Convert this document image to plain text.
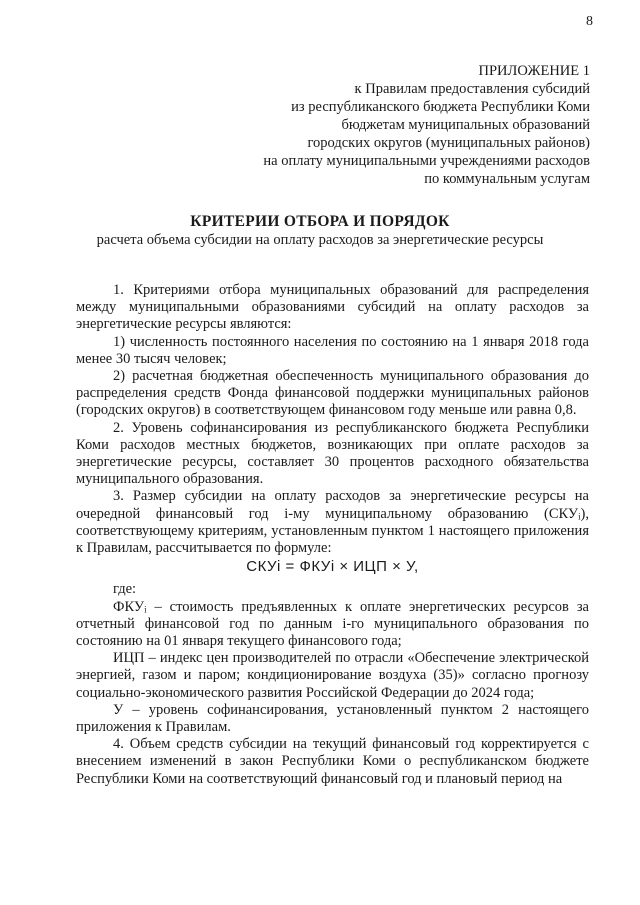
8
ПРИЛОЖЕНИЕ 1
к Правилам предоставления субсидий
из республиканского бюджета Республики Коми
бюджетам муниципальных образований
городских округов (муниципальных районов)
на оплату муниципальными учреждениями расходов
по коммунальным услугам
КРИТЕРИИ ОТБОРА И ПОРЯДОК
расчета объема субсидии на оплату расходов за энергетические ресурсы

1. Критериями отбора муниципальных образований для распределения между муниципальными образованиями субсидий на оплату расходов за энергетические ресурсы являются:

1) численность постоянного населения по состоянию на 1 января 2018 года менее 30 тысяч человек;

2) расчетная бюджетная обеспеченность муниципального образования до распределения средств Фонда финансовой поддержки муниципальных районов (городских округов) в соответствующем финансовом году меньше или равна 0,8.

2. Уровень софинансирования из республиканского бюджета Республики Коми расходов местных бюджетов, возникающих при оплате расходов за энергетические ресурсы, составляет 30 процентов расходного обязательства муниципального образования.

3. Размер субсидии на оплату расходов за энергетические ресурсы на очередной финансовый год i-му муниципальному образованию (СКУᵢ), соответствующему критериям, установленным пунктом 1 настоящего приложения к Правилам, рассчитывается по формуле:

СКУi = ФКУi × ИЦП × У,

где:

ФКУᵢ – стоимость предъявленных к оплате энергетических ресурсов за отчетный финансовой год по данным i-го муниципального образования по состоянию на 01 января текущего финансового года;

ИЦП – индекс цен производителей по отрасли «Обеспечение электрической энергией, газом и паром; кондиционирование воздуха (35)» согласно прогнозу социально-экономического развития Российской Федерации до 2024 года;

У – уровень софинансирования, установленный пунктом 2 настоящего приложения к Правилам.

4. Объем средств субсидии на текущий финансовый год корректируется с внесением изменений в закон Республики Коми о республиканском бюджете Республики Коми на соответствующий финансовый год и плановый период на
